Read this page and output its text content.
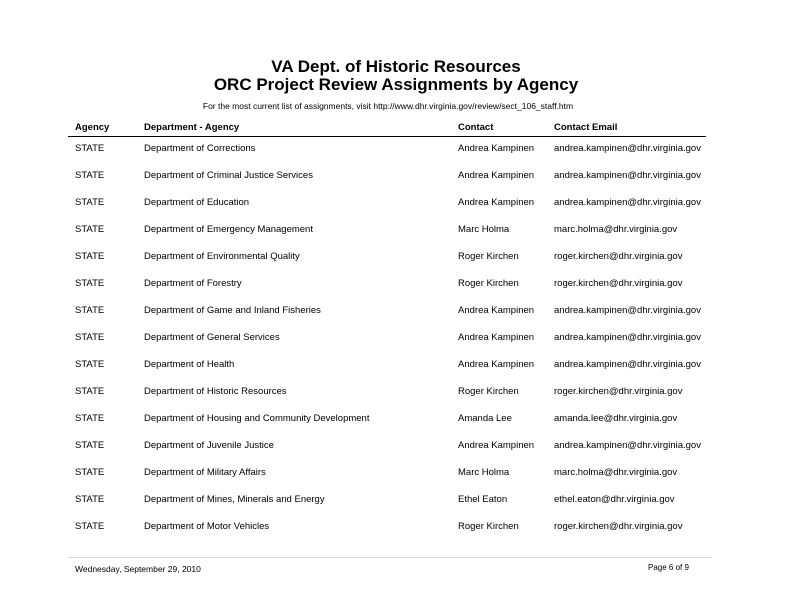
VA Dept. of Historic Resources
ORC Project Review Assignments by Agency
For the most current list of assignments, visit http://www.dhr.virginia.gov/review/sect_106_staff.htm
Agency	Department - Agency	Contact	Contact Email
STATE	Department of Corrections	Andrea Kampinen andrea.kampinen@dhr.virginia.gov
STATE	Department of Criminal Justice Services	Andrea Kampinen andrea.kampinen@dhr.virginia.gov
STATE	Department of Education	Andrea Kampinen andrea.kampinen@dhr.virginia.gov
STATE	Department of Emergency Management	Marc Holma	marc.holma@dhr.virginia.gov
STATE	Department of Environmental Quality	Roger Kirchen	roger.kirchen@dhr.virginia.gov
STATE	Department of Forestry	Roger Kirchen	roger.kirchen@dhr.virginia.gov
STATE	Department of Game and Inland Fisheries	Andrea Kampinen andrea.kampinen@dhr.virginia.gov
STATE	Department of General Services	Andrea Kampinen andrea.kampinen@dhr.virginia.gov
STATE	Department of Health	Andrea Kampinen andrea.kampinen@dhr.virginia.gov
STATE	Department of Historic Resources	Roger Kirchen	roger.kirchen@dhr.virginia.gov
STATE	Department of Housing and Community Development	Amanda Lee	amanda.lee@dhr.virginia.gov
STATE	Department of Juvenile Justice	Andrea Kampinen andrea.kampinen@dhr.virginia.gov
STATE	Department of Military Affairs	Marc Holma	marc.holma@dhr.virginia.gov
STATE	Department of Mines, Minerals and Energy	Ethel Eaton	ethel.eaton@dhr.virginia.gov
STATE	Department of Motor Vehicles	Roger Kirchen	roger.kirchen@dhr.virginia.gov
Wednesday, September 29, 2010	Page 6 of 9
